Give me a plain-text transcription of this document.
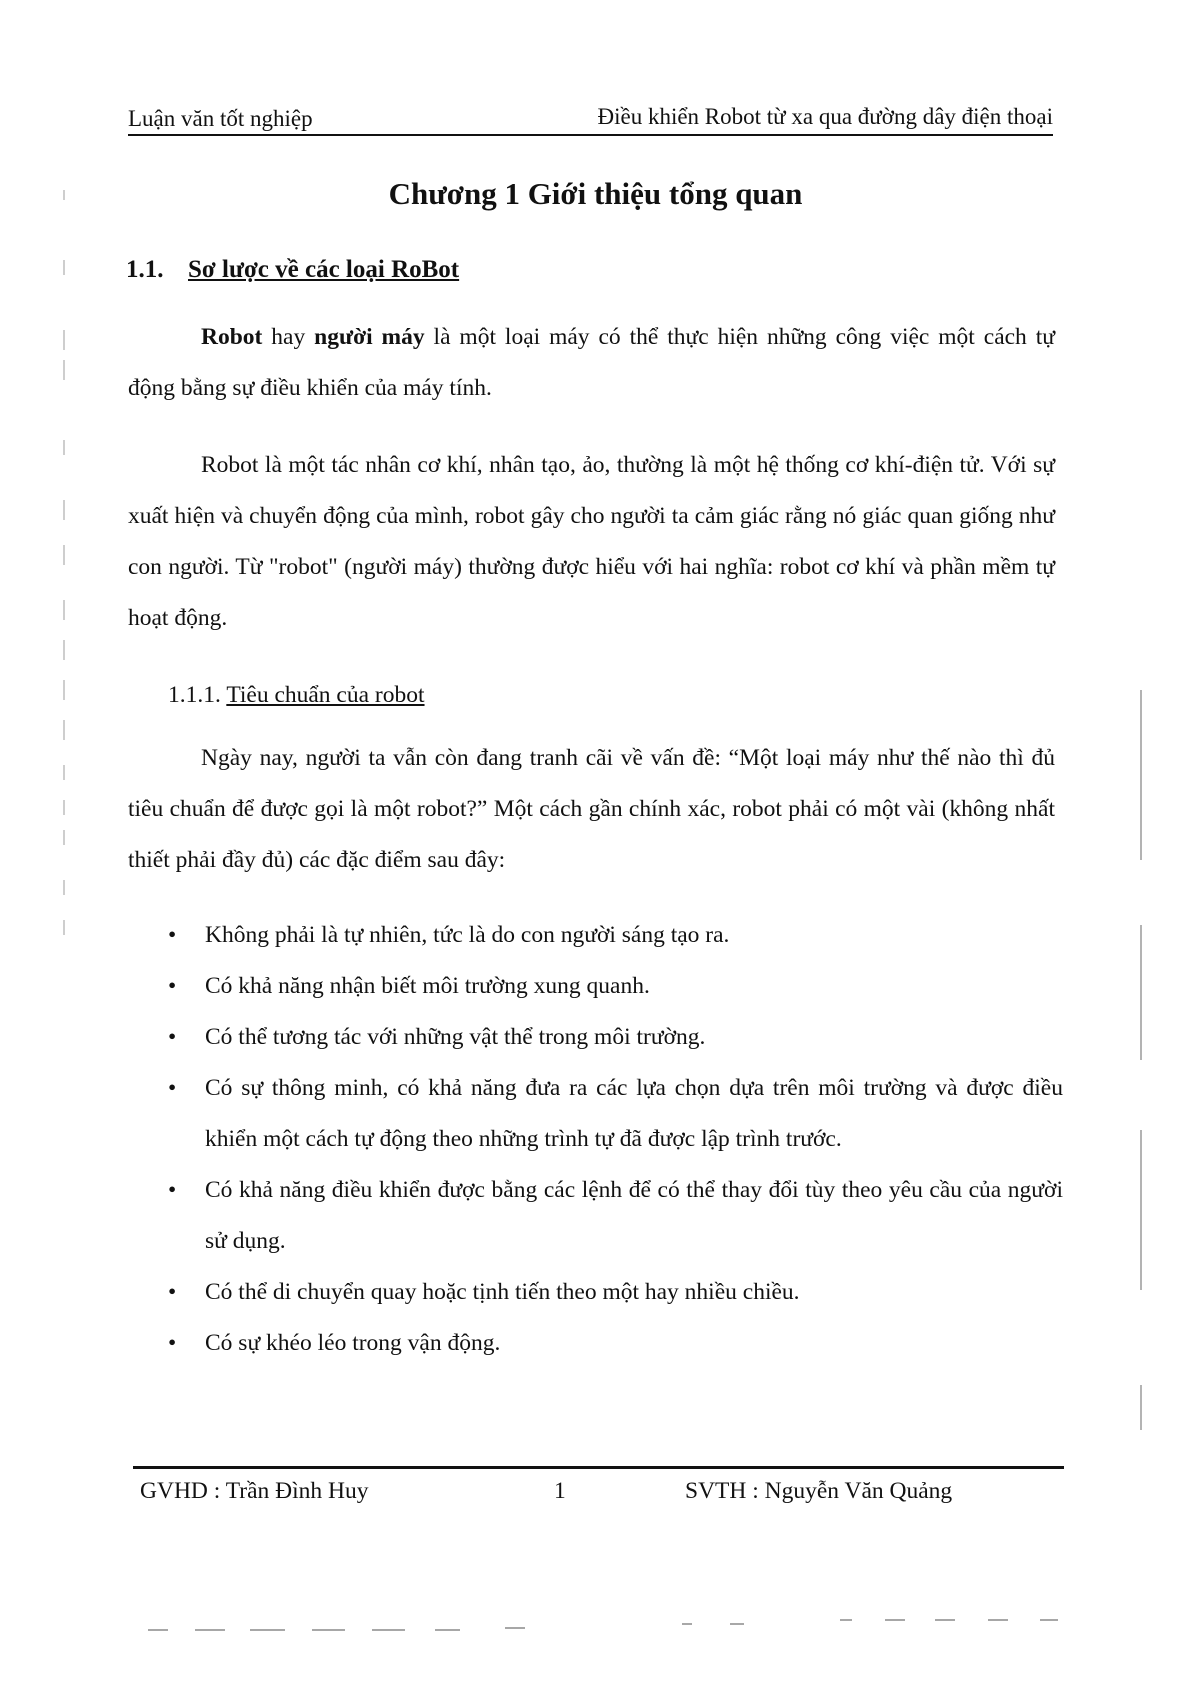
Luận văn tốt nghiệp	Điều khiển Robot từ xa qua đường dây điện thoại
Chương 1 Giới thiệu tổng quan
1.1. Sơ lược về các loại RoBot

Robot hay người máy là một loại máy có thể thực hiện những công việc một cách tự động bằng sự điều khiển của máy tính.

Robot là một tác nhân cơ khí, nhân tạo, ảo, thường là một hệ thống cơ khí-điện tử. Với sự xuất hiện và chuyển động của mình, robot gây cho người ta cảm giác rằng nó giác quan giống như con người. Từ "robot" (người máy) thường được hiểu với hai nghĩa: robot cơ khí và phần mềm tự hoạt động.

1.1.1. Tiêu chuẩn của robot

Ngày nay, người ta vẫn còn đang tranh cãi về vấn đề: “Một loại máy như thế nào thì đủ tiêu chuẩn để được gọi là một robot?” Một cách gần chính xác, robot phải có một vài (không nhất thiết phải đầy đủ) các đặc điểm sau đây:

• Không phải là tự nhiên, tức là do con người sáng tạo ra.
• Có khả năng nhận biết môi trường xung quanh.
• Có thể tương tác với những vật thể trong môi trường.
• Có sự thông minh, có khả năng đưa ra các lựa chọn dựa trên môi trường và được điều khiển một cách tự động theo những trình tự đã được lập trình trước.
• Có khả năng điều khiển được bằng các lệnh để có thể thay đổi tùy theo yêu cầu của người sử dụng.
• Có thể di chuyển quay hoặc tịnh tiến theo một hay nhiều chiều.
• Có sự khéo léo trong vận động.
GVHD : Trần Đình Huy	1	SVTH : Nguyễn Văn Quảng
